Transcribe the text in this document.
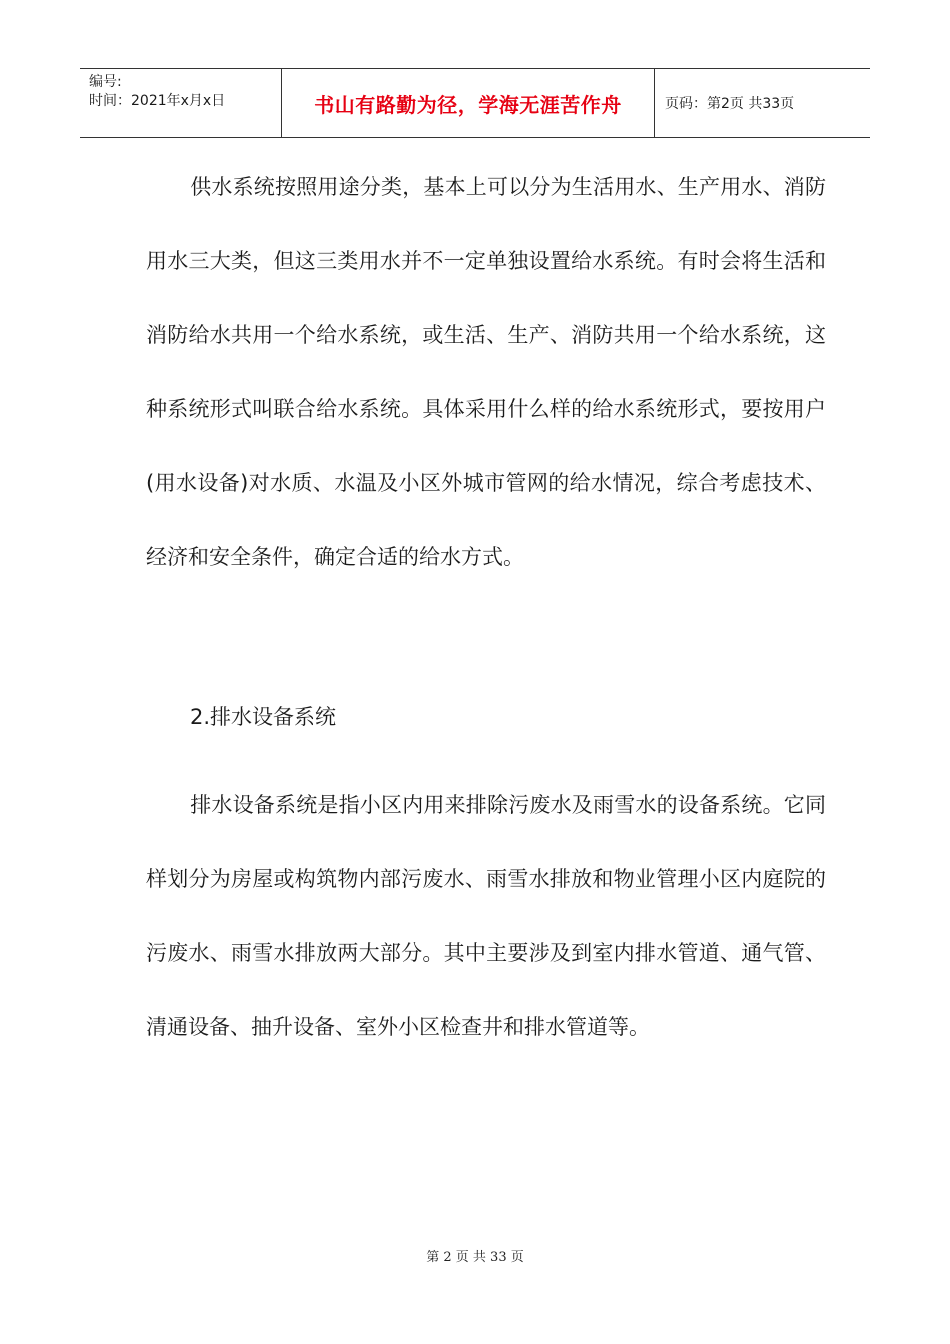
编号:
时间：2021年x月x日	书山有路勤为径，学海无涯苦作舟	页码：第2页 共33页

供水系统按照用途分类，基本上可以分为生活用水、生产用水、消防用水三大类，但这三类用水并不一定单独设置给水系统。有时会将生活和消防给水共用一个给水系统，或生活、生产、消防共用一个给水系统，这种系统形式叫联合给水系统。具体采用什么样的给水系统形式，要按用户(用水设备)对水质、水温及小区外城市管网的给水情况，综合考虑技术、经济和安全条件，确定合适的给水方式。

2.排水设备系统

排水设备系统是指小区内用来排除污废水及雨雪水的设备系统。它同样划分为房屋或构筑物内部污废水、雨雪水排放和物业管理小区内庭院的污废水、雨雪水排放两大部分。其中主要涉及到室内排水管道、通气管、清通设备、抽升设备、室外小区检查井和排水管道等。

第 2 页 共 33 页
